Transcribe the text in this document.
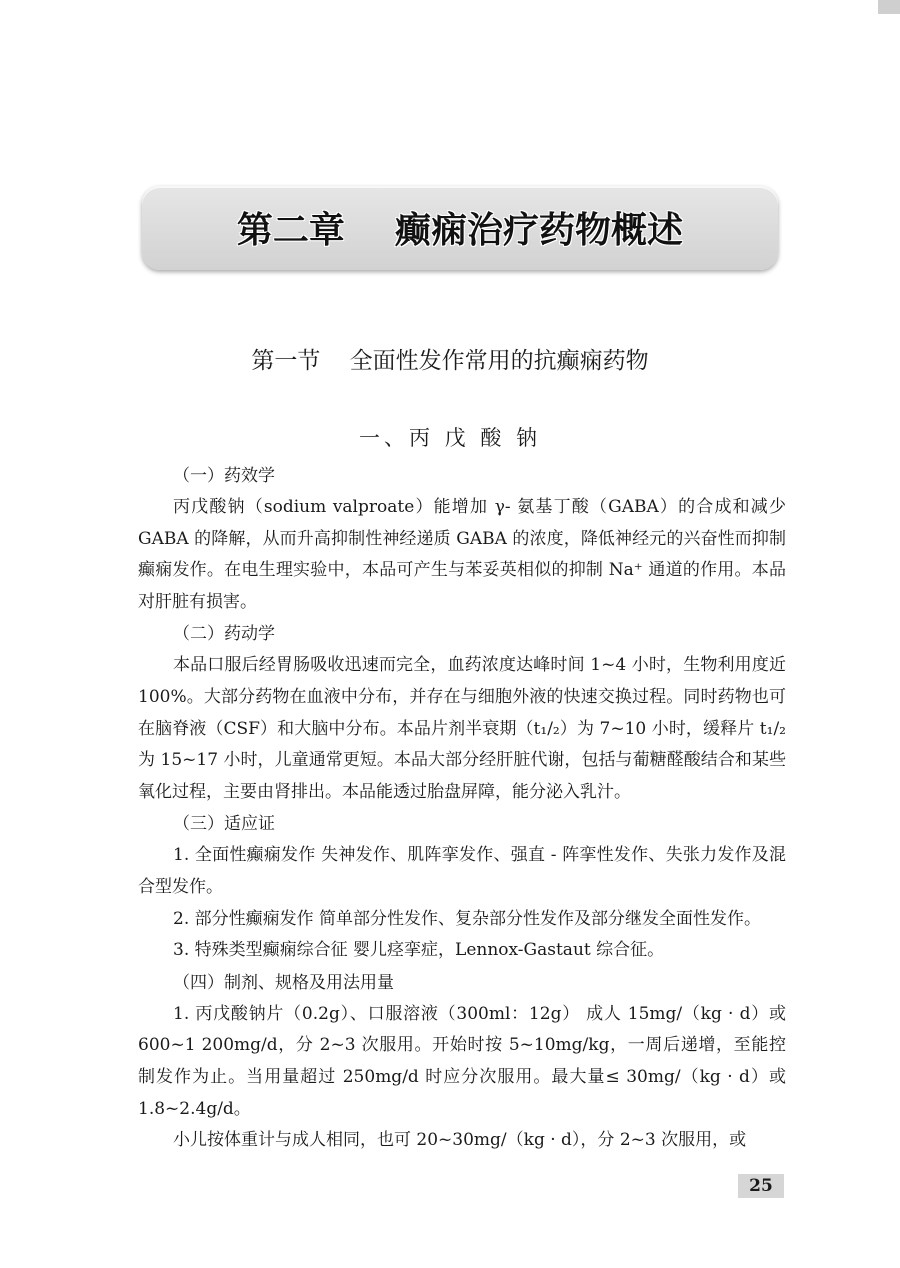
第二章    癫痫治疗药物概述
第一节    全面性发作常用的抗癫痫药物
一、丙 戊 酸 钠

（一）药效学

丙戊酸钠（sodium valproate）能增加 γ- 氨基丁酸（GABA）的合成和减少 GABA 的降解，从而升高抑制性神经递质 GABA 的浓度，降低神经元的兴奋性而抑制癫痫发作。在电生理实验中，本品可产生与苯妥英相似的抑制 Na⁺ 通道的作用。本品对肝脏有损害。

（二）药动学

本品口服后经胃肠吸收迅速而完全，血药浓度达峰时间 1~4 小时，生物利用度近 100%。大部分药物在血液中分布，并存在与细胞外液的快速交换过程。同时药物也可在脑脊液（CSF）和大脑中分布。本品片剂半衰期（t₁/₂）为 7~10 小时，缓释片 t₁/₂ 为 15~17 小时，儿童通常更短。本品大部分经肝脏代谢，包括与葡糖醛酸结合和某些氧化过程，主要由肾排出。本品能透过胎盘屏障，能分泌入乳汁。

（三）适应证

1. 全面性癫痫发作 失神发作、肌阵挛发作、强直 - 阵挛性发作、失张力发作及混合型发作。

2. 部分性癫痫发作 简单部分性发作、复杂部分性发作及部分继发全面性发作。

3. 特殊类型癫痫综合征 婴儿痉挛症，Lennox-Gastaut 综合征。

（四）制剂、规格及用法用量

1. 丙戊酸钠片（0.2g）、口服溶液（300ml：12g） 成人 15mg/（kg · d）或 600~1 200mg/d，分 2~3 次服用。开始时按 5~10mg/kg，一周后递增，至能控制发作为止。当用量超过 250mg/d 时应分次服用。最大量≤ 30mg/（kg · d）或 1.8~2.4g/d。

小儿按体重计与成人相同，也可 20~30mg/（kg · d），分 2~3 次服用，或

25
